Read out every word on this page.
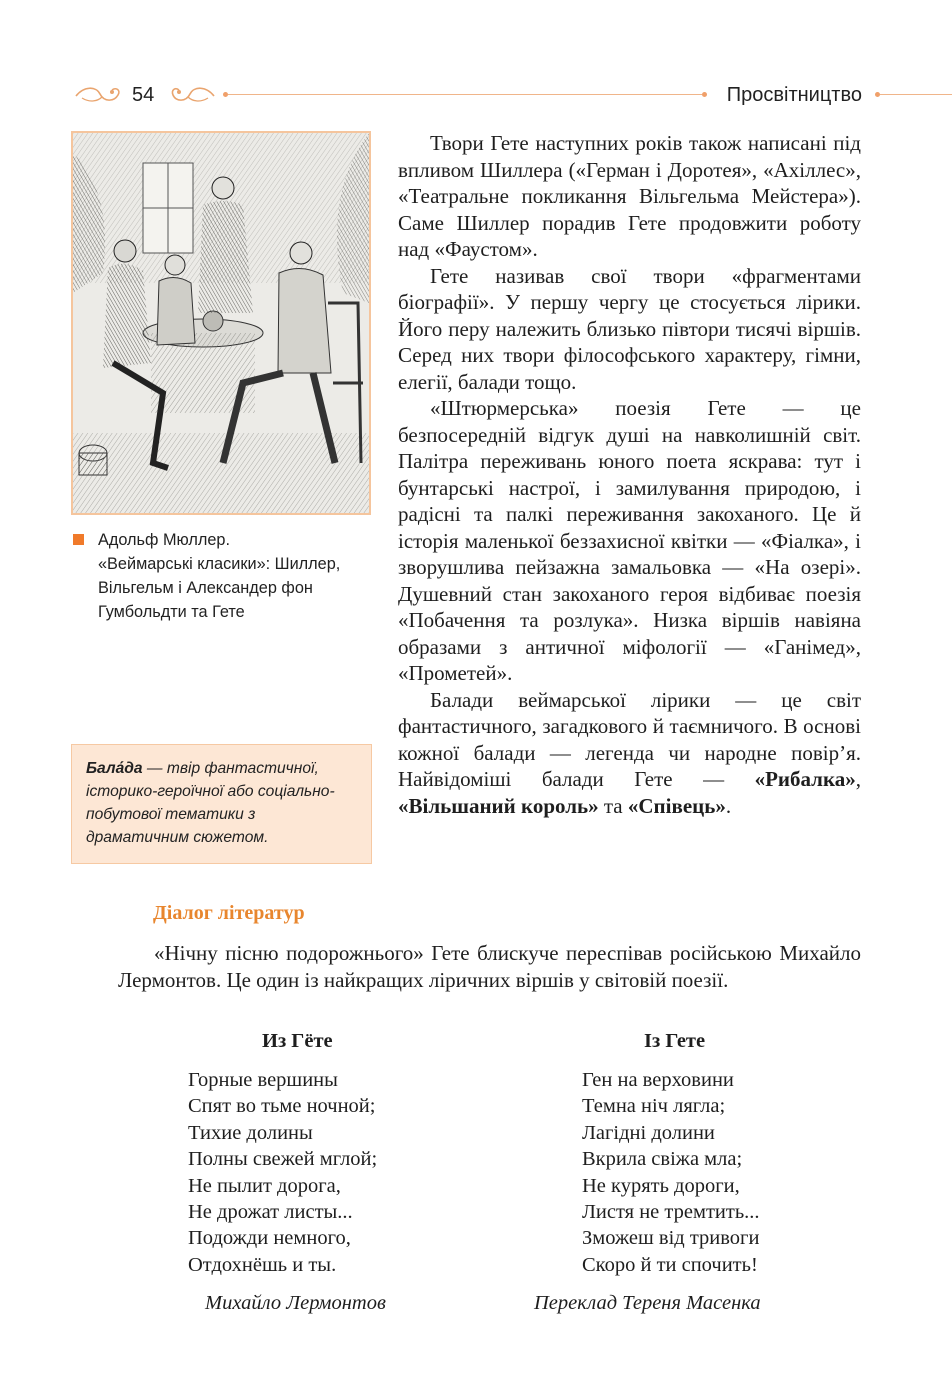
54	Просвітництво
Адольф Мюллер.
«Веймарські класики»: Шиллер,
Вільгельм і Александер фон
Гумбольдти та Гете

Бала́да — твір фантастичної, історико-героїчної або соціально-побутової тематики з драматичним сюжетом.

Твори Гете наступних років також написані під впливом Шиллера («Герман і Доротея», «Ахіллес», «Театральне покликання Вільгельма Мейстера»). Саме Шиллер порадив Гете продовжити роботу над «Фаустом».

Гете називав свої твори «фрагментами біографії». У першу чергу це стосується лірики. Його перу належить близько півтори тисячі віршів. Серед них твори філософського характеру, гімни, елегії, балади тощо.

«Штюрмерська» поезія Гете — це безпосередній відгук душі на навколишній світ. Палітра переживань юного поета яскрава: тут і бунтарські настрої, і замилування природою, і радісні та палкі переживання закоханого. Це й історія маленької беззахисної квітки — «Фіалка», і зворушлива пейзажна замальовка — «На озері». Душевний стан закоханого героя відбиває поезія «Побачення та розлука». Низка віршів навіяна образами з античної міфології — «Ганімед», «Прометей».

Балади веймарської лірики — це світ фантастичного, загадкового й таємничого. В основі кожної балади — легенда чи народне повір’я. Найвідоміші балади Гете — «Рибалка», «Вільшаний король» та «Співець».

Діалог літератур

«Нічну пісню подорожнього» Гете блискуче переспівав російською Михайло Лермонтов. Це один із найкращих ліричних віршів у світовій поезії.

Из Гёте
Горные вершины
Спят во тьме ночной;
Тихие долины
Полны свежей мглой;
Не пылит дорога,
Не дрожат листы...
Подожди немного,
Отдохнёшь и ты.
Михайло Лермонтов
Із Гете
Ген на верховини
Темна ніч лягла;
Лагідні долини
Вкрила свіжа мла;
Не курять дороги,
Листя не тремтить...
Зможеш від тривоги
Скоро й ти спочить!
Переклад Тереня Масенка
